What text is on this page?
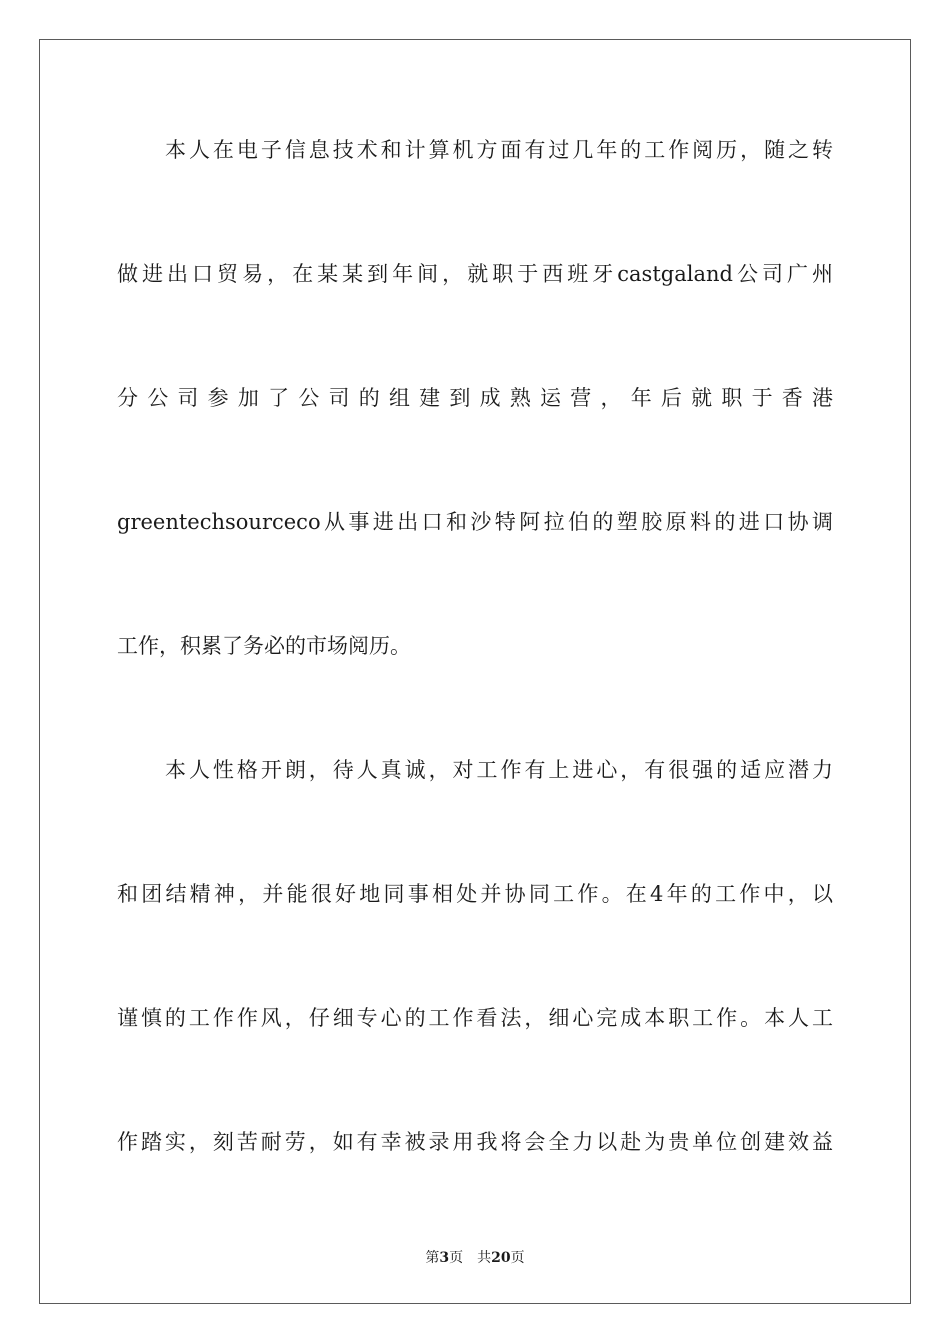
本人在电子信息技术和计算机方面有过几年的工作阅历，随之转
做进出口贸易，在某某到年间，就职于西班牙castgaland公司广州
分公司参加了公司的组建到成熟运营，年后就职于香港
greentechsourceco从事进出口和沙特阿拉伯的塑胶原料的进口协调
工作，积累了务必的市场阅历。
本人性格开朗，待人真诚，对工作有上进心，有很强的适应潜力
和团结精神，并能很好地同事相处并协同工作。在4年的工作中，以
谨慎的工作作风，仔细专心的工作看法，细心完成本职工作。本人工
作踏实，刻苦耐劳，如有幸被录用我将会全力以赴为贵单位创建效益
第3页 共20页
